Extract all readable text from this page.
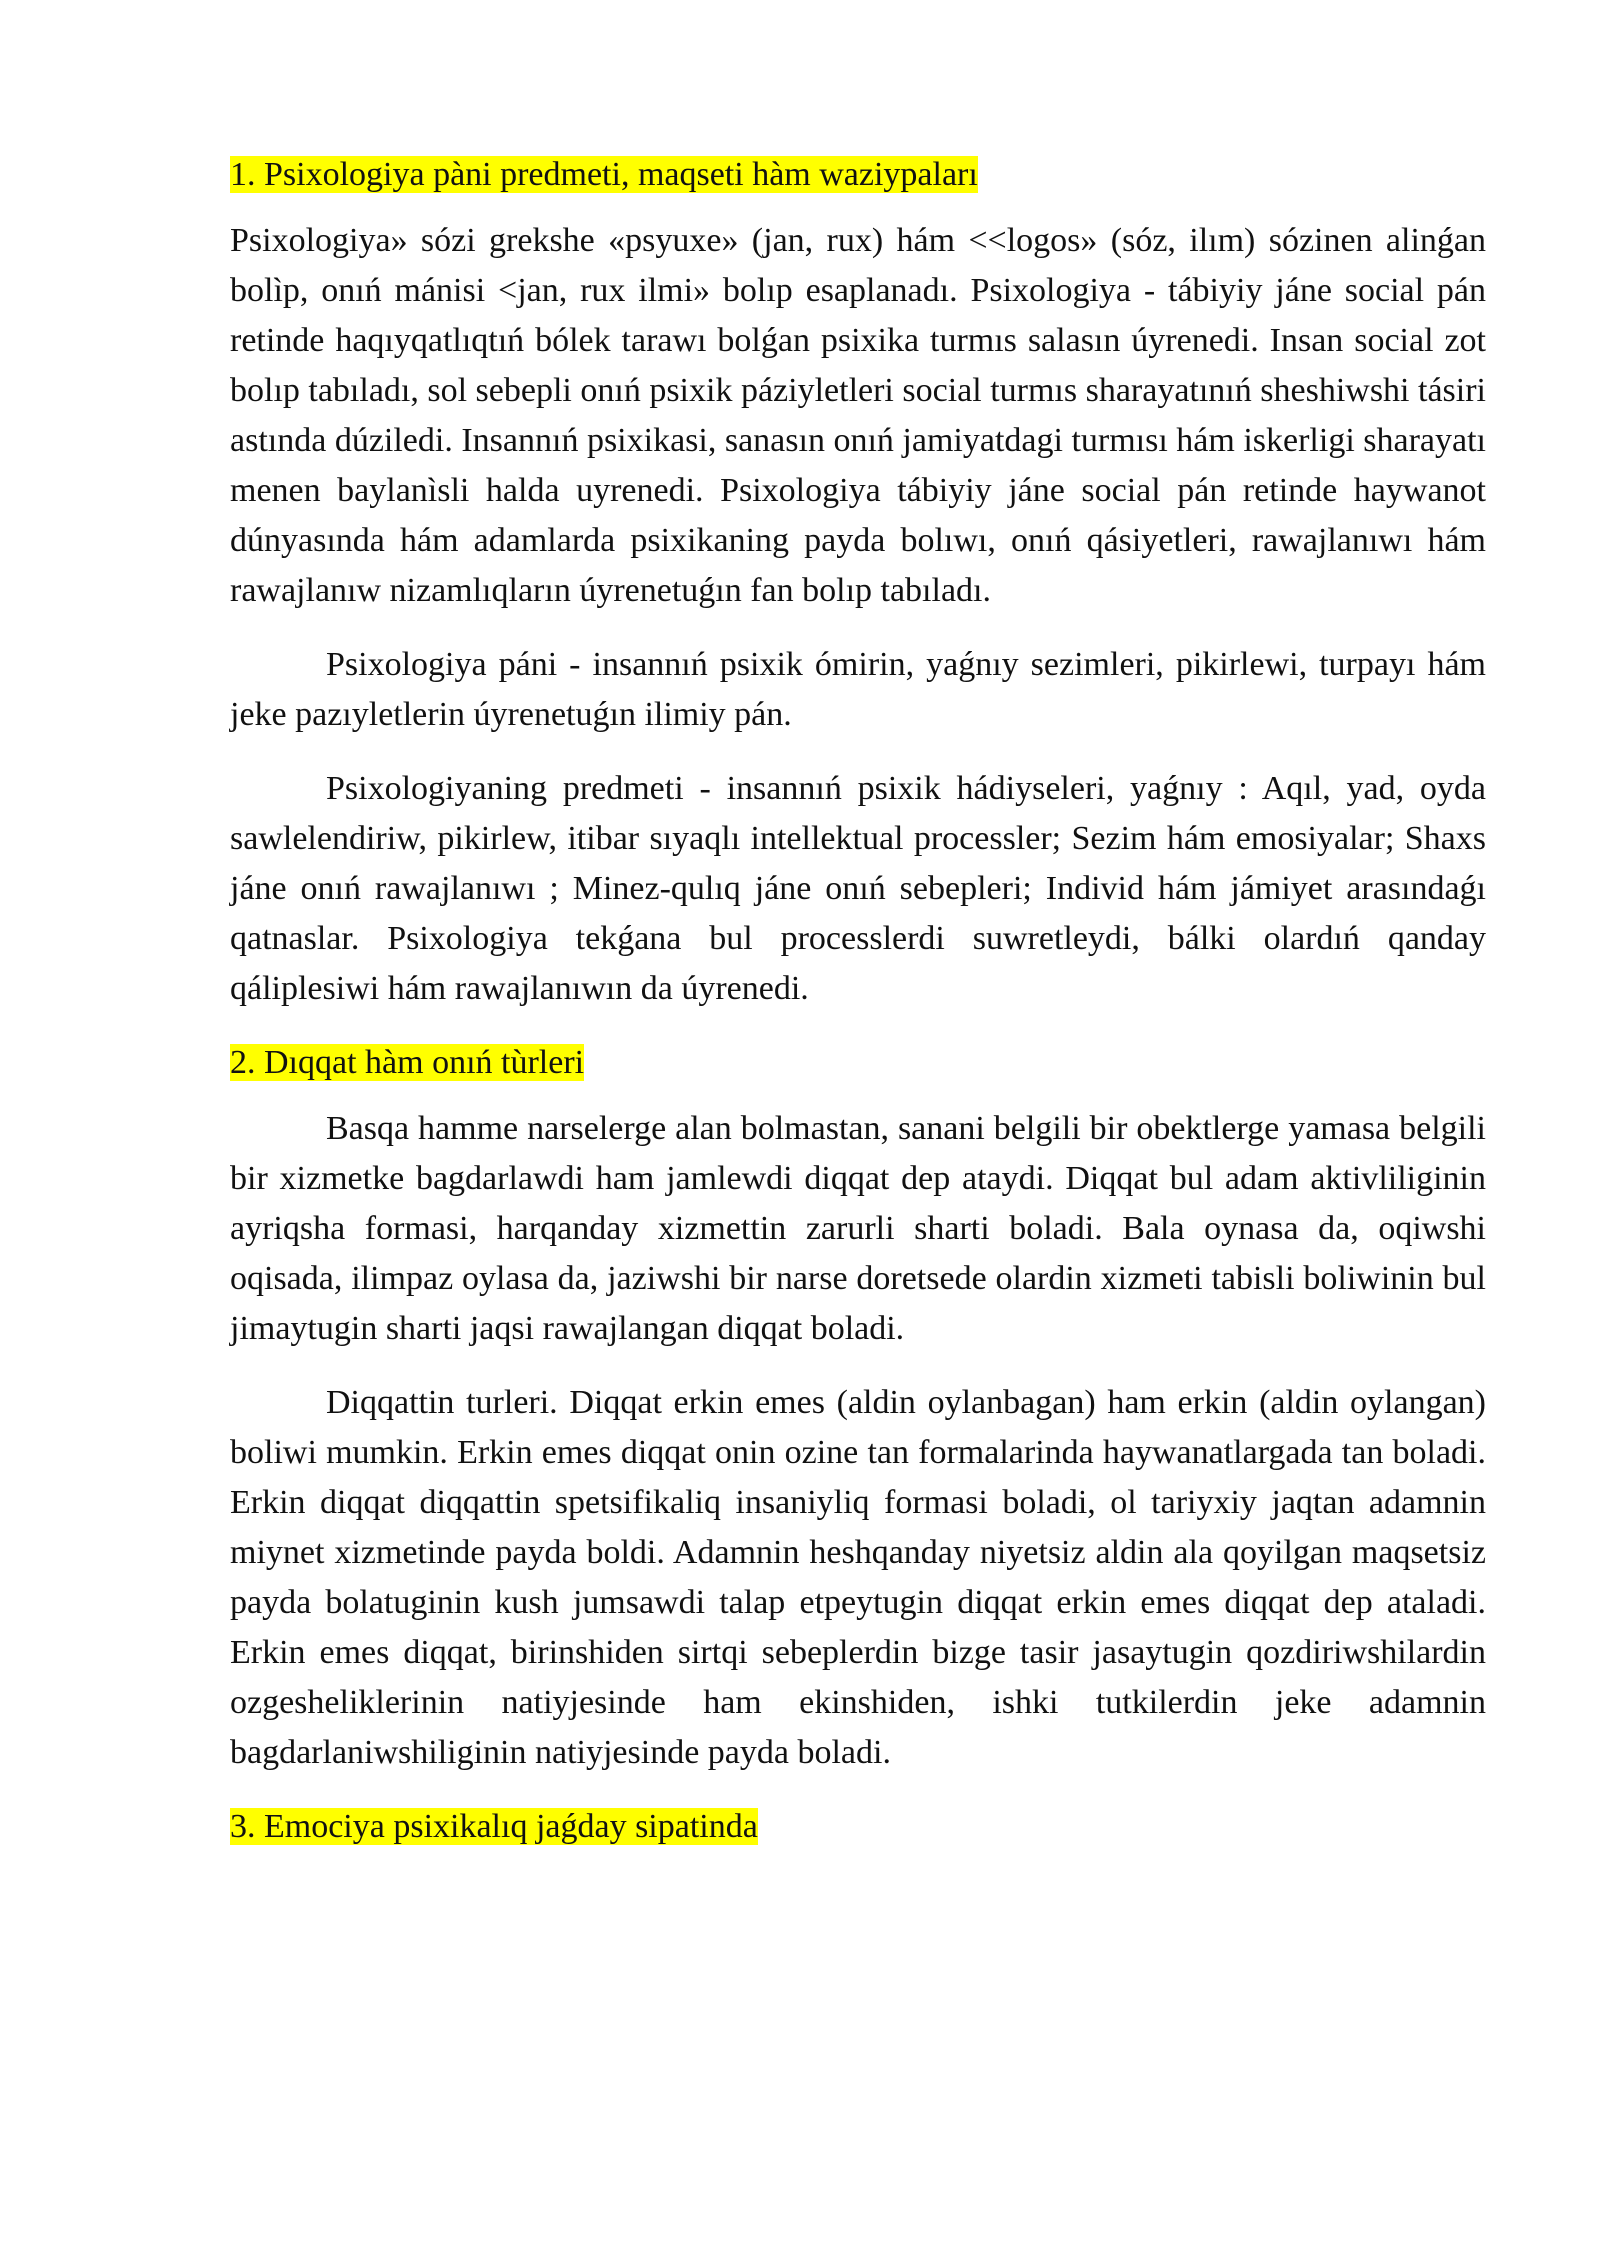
1. Psixologiya pàni predmeti, maqseti hàm waziypaları

Psixologiya» sózi grekshe «psyuxe» (jan, rux) hám <<logos» (sóz, ilım) sózinen alinǵan bolìp, onıń mánisi <jan, rux ilmi» bolıp esaplanadı. Psixologiya - tábiyiy jáne social pán retinde haqıyqatlıqtıń bólek tarawı bolǵan psixika turmıs salasın úyrenedi. Insan social zot bolıp tabıladı, sol sebepli onıń psixik páziyletleri social turmıs sharayatınıń sheshiwshi tásiri astında dúziledi. Insannıń psixikasi, sanasın onıń jamiyatdagi turmısı hám iskerligi sharayatı menen baylanìsli halda uyrenedi. Psixologiya tábiyiy jáne social pán retinde haywanot dúnyasında hám adamlarda psixikaning payda bolıwı, onıń qásiyetleri, rawajlanıwı hám rawajlanıw nizamlıqların úyrenetuǵın fan bolıp tabıladı.

Psixologiya páni - insannıń psixik ómirin, yaǵnıy sezimleri, pikirlewi, turpayı hám jeke pazıyletlerin úyrenetuǵın ilimiy pán.

Psixologiyaning predmeti - insannıń psixik hádiyseleri, yaǵnıy : Aqıl, yad, oyda sawlelendiriw, pikirlew, itibar sıyaqlı intellektual processler; Sezim hám emosiyalar; Shaxs jáne onıń rawajlanıwı ; Minez-qulıq jáne onıń sebepleri; Individ hám jámiyet arasındaǵı qatnaslar. Psixologiya tekǵana bul processlerdi suwretleydi, bálki olardıń qanday qáliplesiwi hám rawajlanıwın da úyrenedi.

2. Dıqqat hàm onıń tùrleri

Basqa hamme narselerge alan bolmastan, sanani belgili bir obektlerge yamasa belgili bir xizmetke bagdarlawdi ham jamlewdi diqqat dep ataydi. Diqqat bul adam aktivliliginin ayriqsha formasi, harqanday xizmettin zarurli sharti boladi. Bala oynasa da, oqiwshi oqisada, ilimpaz oylasa da, jaziwshi bir narse doretsede olardin xizmeti tabisli boliwinin bul jimaytugin sharti jaqsi rawajlangan diqqat boladi.

Diqqattin turleri. Diqqat erkin emes (aldin oylanbagan) ham erkin (aldin oylangan) boliwi mumkin. Erkin emes diqqat onin ozine tan formalarinda haywanatlargada tan boladi. Erkin diqqat diqqattin spetsifikaliq insaniyliq formasi boladi, ol tariyxiy jaqtan adamnin miynet xizmetinde payda boldi. Adamnin heshqanday niyetsiz aldin ala qoyilgan maqsetsiz payda bolatuginin kush jumsawdi talap etpeytugin diqqat erkin emes diqqat dep ataladi. Erkin emes diqqat, birinshiden sirtqi sebeplerdin bizge tasir jasaytugin qozdiriwshilardin ozgesheliklerinin natiyjesinde ham ekinshiden, ishki tutkilerdin jeke adamnin bagdarlaniwshiliginin natiyjesinde payda boladi.

3. Emociya psixikalıq jaǵday sipatinda
